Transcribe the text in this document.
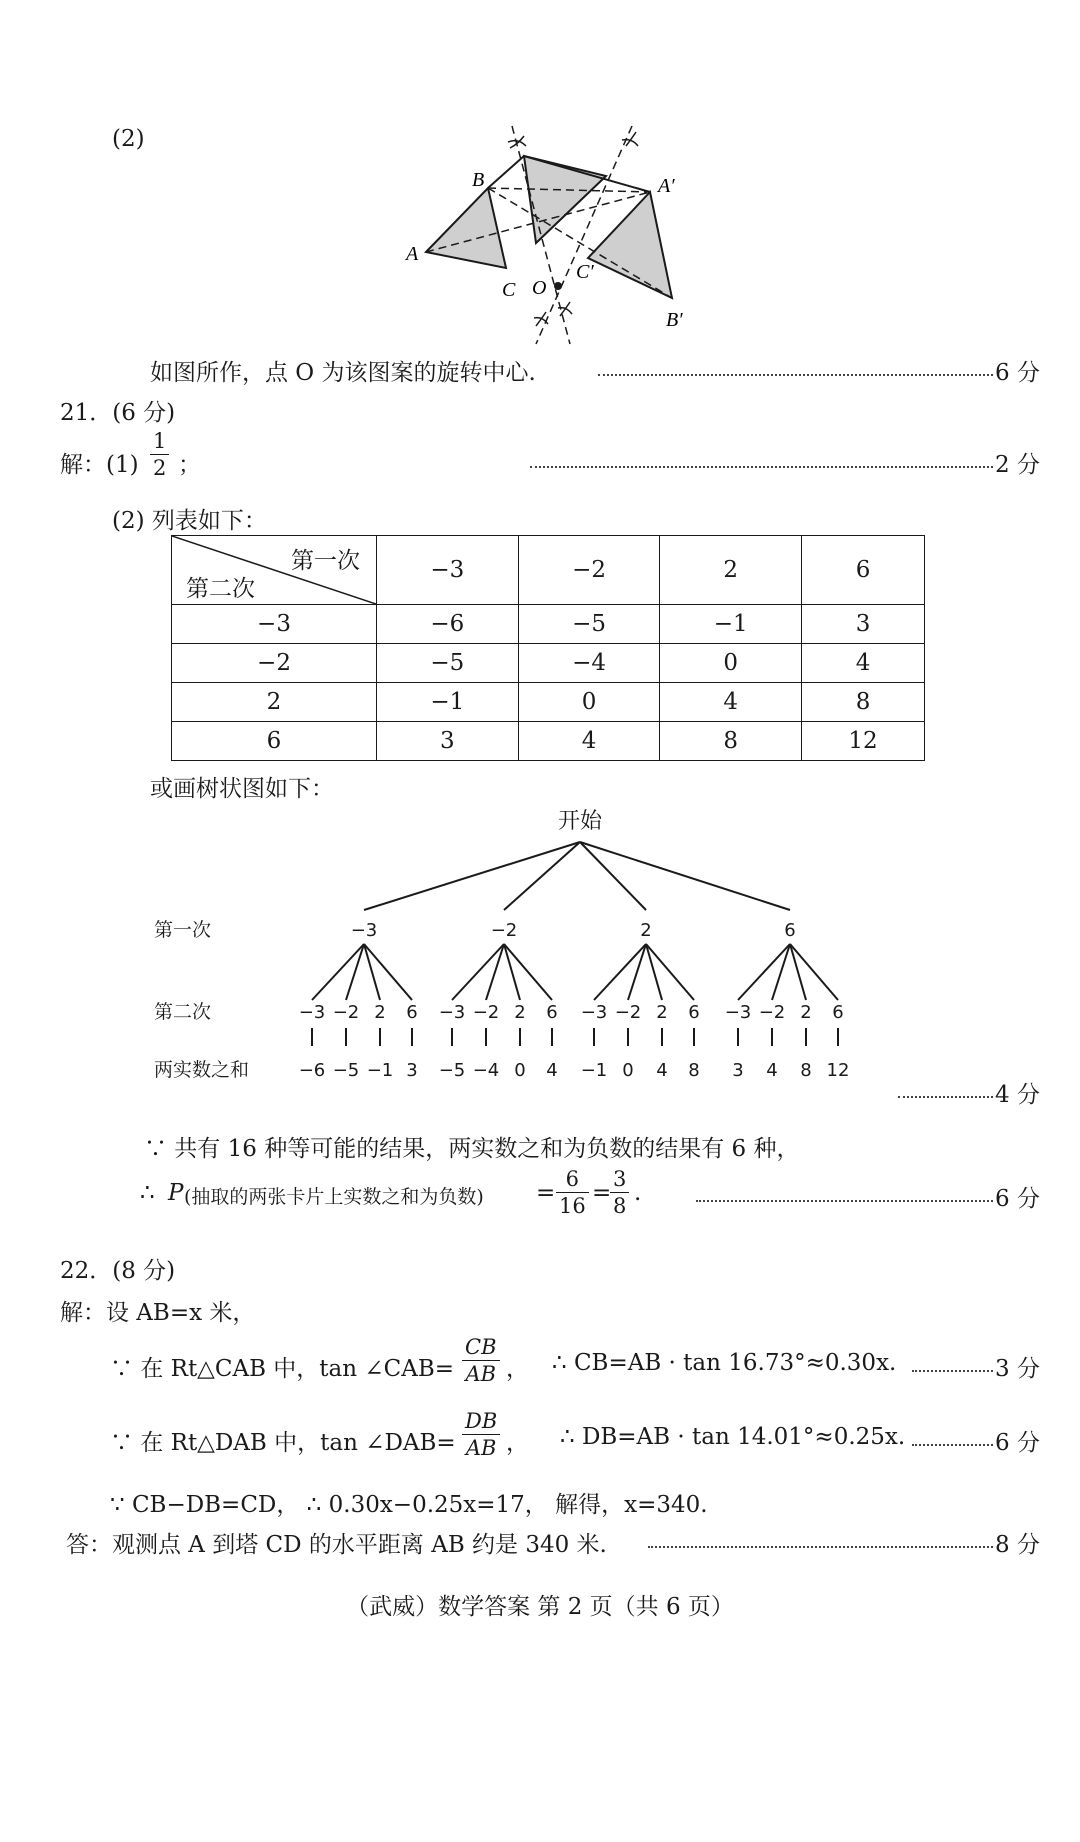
(2)
A
B
C O
A′
B′
C′
如图所作，点 O 为该图案的旋转中心.	6 分
21．(6 分)
解：$(1) \frac{1}{2}$ ；	2 分
(2) 列表如下：
第一次
第二次	−3	−2	2	6
−3	−6	−5	−1	3
−2	−5	−4	0	4
2	−1	0	4	8
6	3	4	8	12
或画树状图如下：
开始
第一次
第二次
两实数之和
−3
−3
−6
−2
−5
2
−1
6
3
−2
−3
−5
−2
−4
2
0
6
4
2
−3
−1
−2
0
2
4
6
8
6
−3
3
−2
4
2
8
6
12
4 分
∵ 共有 16 种等可能的结果，两实数之和为负数的结果有 6 种，
∴ P (抽取的两张卡片上实数之和为负数) = $\frac{6}{16}$ =
$\frac{3}{8}$ .	6 分
22．(8 分)
解：设 AB=x 米，
∵ 在 Rt△CAB 中，tan ∠CAB= $\frac{CB}{AB}$ ， ∴ CB=AB · tan 16.73°≈0.30x.	3 分
∵ 在 Rt△DAB 中，tan ∠DAB= $\frac{DB}{AB}$ ， ∴ DB=AB · tan 14.01°≈0.25x.	6 分
∵ CB−DB=CD， ∴ 0.30x−0.25x=17， 解得，x=340.
答：观测点 A 到塔 CD 的水平距离 AB 约是 340 米.	8 分
（武威）数学答案 第 2 页（共 6 页）
